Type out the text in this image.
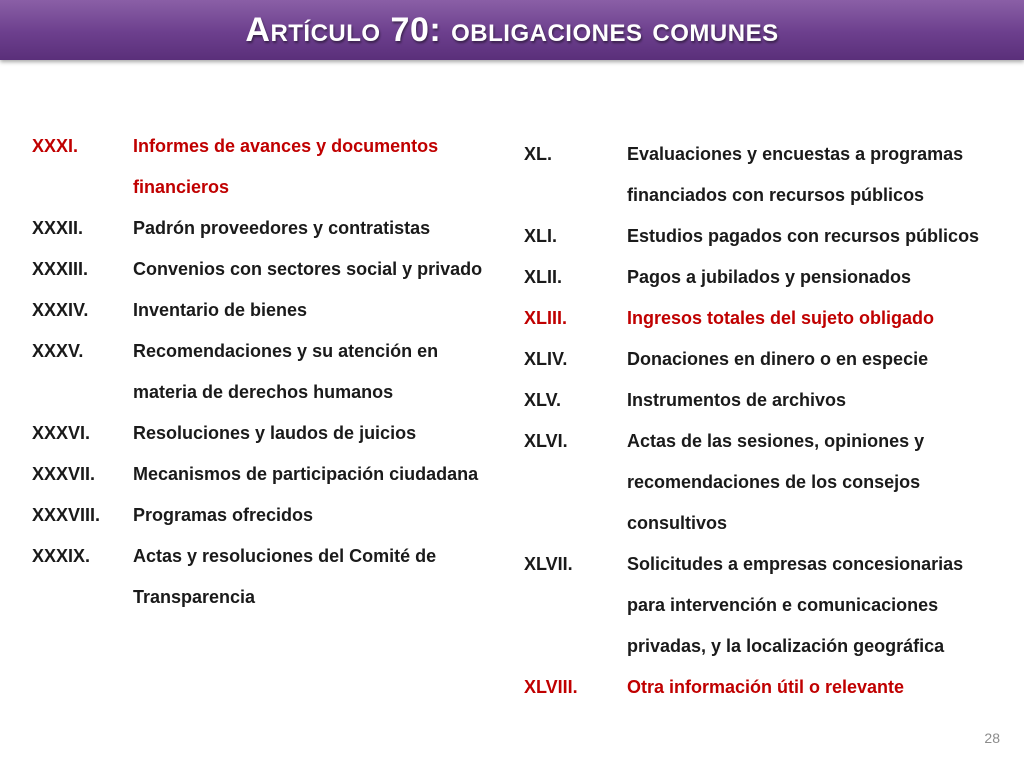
Artículo 70: obligaciones comunes
XXXI.	Informes de avances y documentos financieros
XXXII.	Padrón proveedores y contratistas
XXXIII.	Convenios con sectores social y privado
XXXIV.	Inventario de bienes
XXXV.	Recomendaciones y su atención en materia de derechos humanos
XXXVI.	Resoluciones y laudos de juicios
XXXVII.	Mecanismos de participación ciudadana
XXXVIII.	Programas ofrecidos
XXXIX.	Actas y resoluciones del Comité de Transparencia
XL.	Evaluaciones y encuestas a programas financiados con recursos públicos
XLI.	Estudios pagados con recursos públicos
XLII.	Pagos a jubilados y pensionados
XLIII.	Ingresos totales del sujeto obligado
XLIV.	Donaciones en dinero o en especie
XLV.	Instrumentos de archivos
XLVI.	Actas de las sesiones, opiniones y recomendaciones de los consejos consultivos
XLVII.	Solicitudes a empresas concesionarias para intervención e comunicaciones privadas, y la localización geográfica
XLVIII.	Otra información útil o relevante
28
